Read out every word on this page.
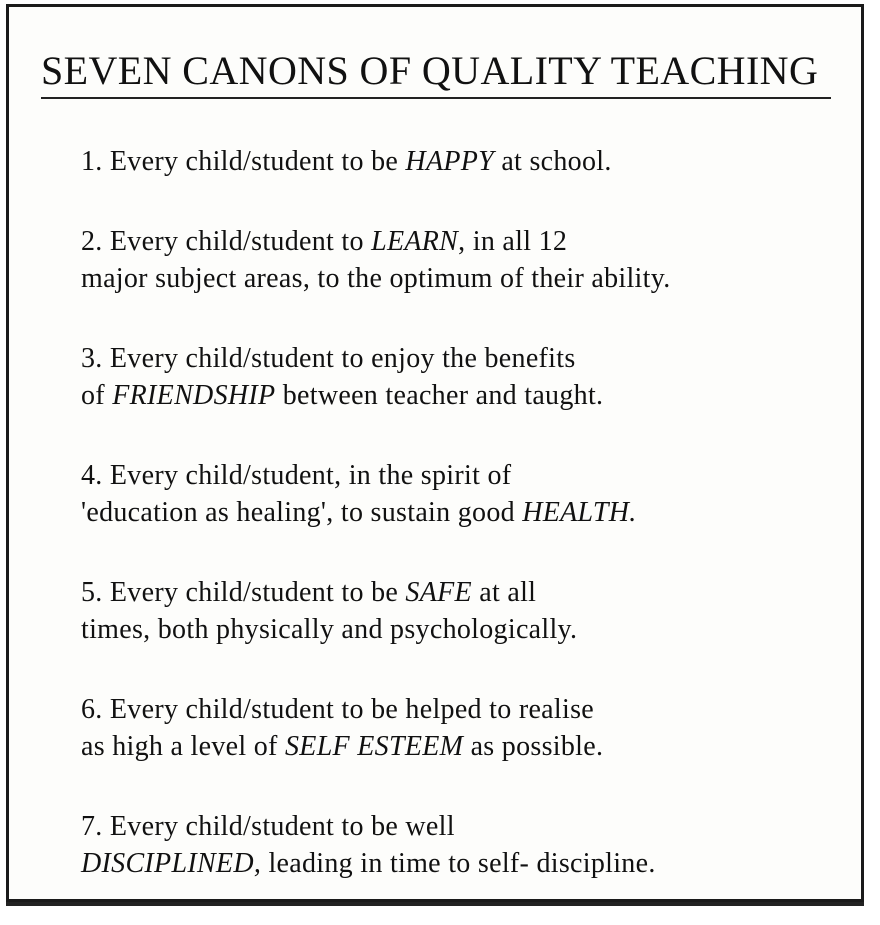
SEVEN CANONS OF QUALITY TEACHING
1. Every child/student to be HAPPY at school.
2. Every child/student to LEARN, in all 12
major subject areas, to the optimum of their ability.
3. Every child/student to enjoy the benefits
of FRIENDSHIP between teacher and taught.
4. Every child/student, in the spirit of
'education as healing', to sustain good HEALTH.
5. Every child/student to be SAFE at all
times, both physically and psychologically.
6. Every child/student to be helped to realise
as high a level of SELF ESTEEM as possible.
7. Every child/student to be well
DISCIPLINED, leading in time to self- discipline.
